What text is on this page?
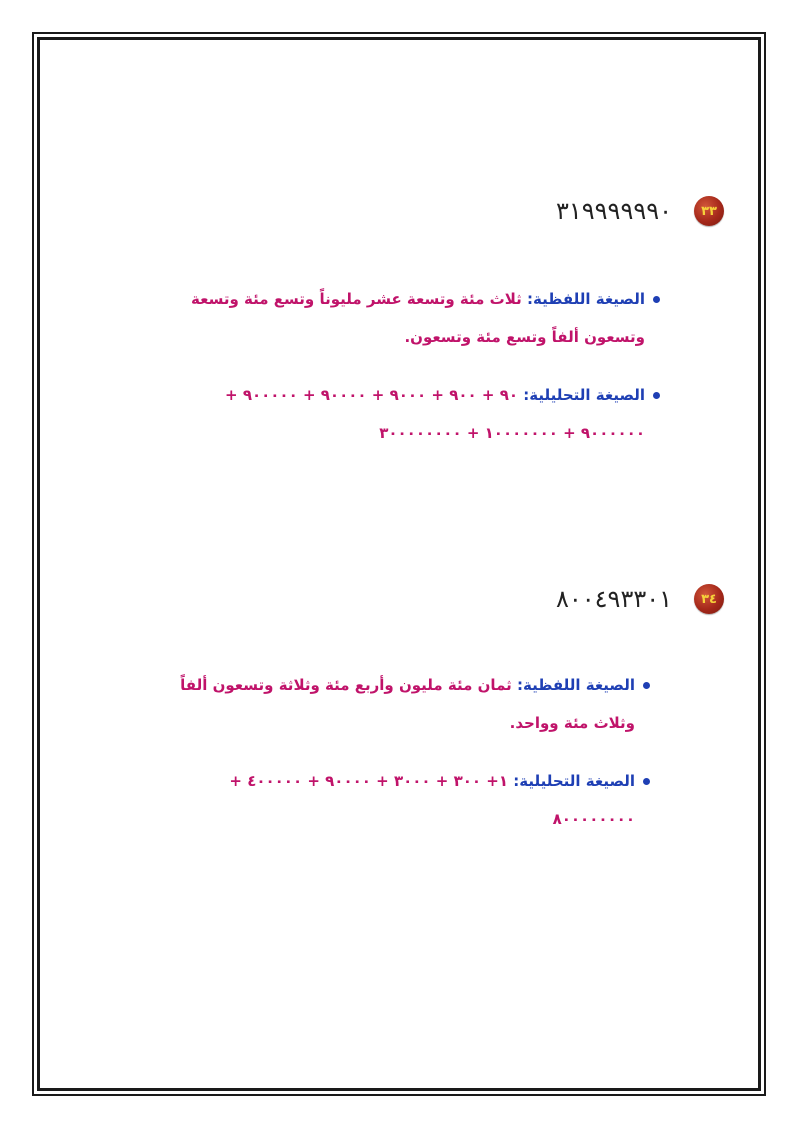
٣٣
٣١٩٩٩٩٩٩٠
الصيغة اللفظية: ثلاث مئة وتسعة عشر مليوناً وتسع مئة وتسعة
وتسعون ألفاً وتسع مئة وتسعون.
الصيغة التحليلية: ٩٠ + ٩٠٠ + ٩٠٠٠ + ٩٠٠٠٠ + ٩٠٠٠٠٠ +
٩٠٠٠٠٠٠ + ١٠٠٠٠٠٠٠ + ٣٠٠٠٠٠٠٠٠
٣٤
٨٠٠٤٩٣٣٠١
الصيغة اللفظية: ثمان مئة مليون وأربع مئة وثلاثة وتسعون ألفاً
وثلاث مئة وواحد.
الصيغة التحليلية: ١+ ٣٠٠ + ٣٠٠٠ + ٩٠٠٠٠ + ٤٠٠٠٠٠ +
٨٠٠٠٠٠٠٠٠
